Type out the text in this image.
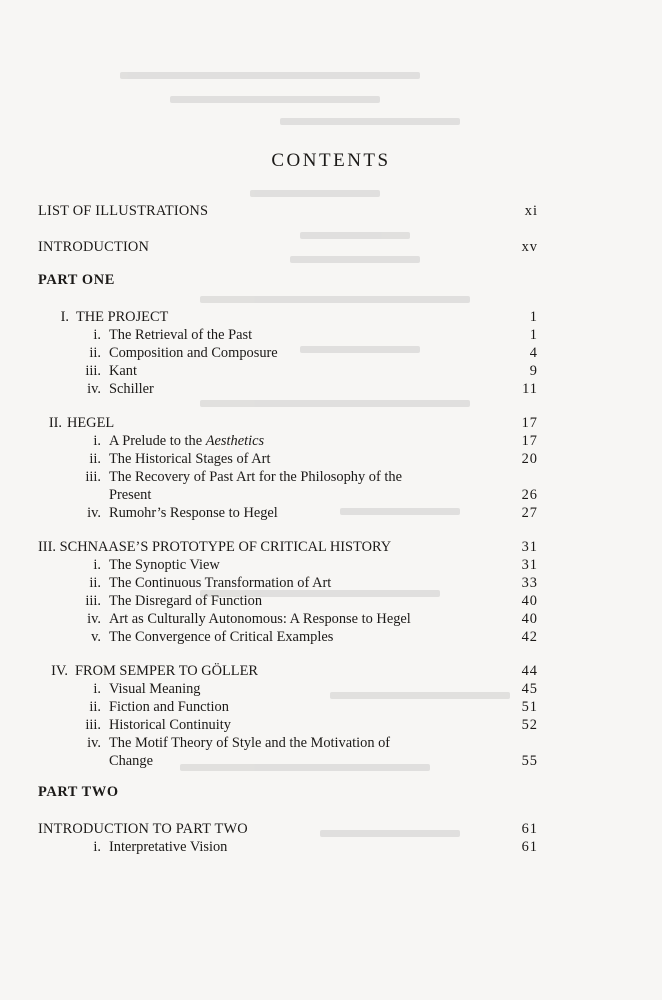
CONTENTS
LIST OF ILLUSTRATIONS	xi
INTRODUCTION	xv
PART ONE
I. THE PROJECT	1
i. The Retrieval of the Past	1
ii. Composition and Composure	4
iii. Kant	9
iv. Schiller	11
II. HEGEL	17
i. A Prelude to the Aesthetics	17
ii. The Historical Stages of Art	20
iii. The Recovery of Past Art for the Philosophy of the
Present	26
iv. Rumohr’s Response to Hegel	27
III. SCHNAASE’S PROTOTYPE OF CRITICAL HISTORY	31
i. The Synoptic View	31
ii. The Continuous Transformation of Art	33
iii. The Disregard of Function	40
iv. Art as Culturally Autonomous: A Response to Hegel	40
v. The Convergence of Critical Examples	42
IV. FROM SEMPER TO GÖLLER	44
i. Visual Meaning	45
ii. Fiction and Function	51
iii. Historical Continuity	52
iv. The Motif Theory of Style and the Motivation of
Change	55
PART TWO
INTRODUCTION TO PART TWO	61
i. Interpretative Vision	61
